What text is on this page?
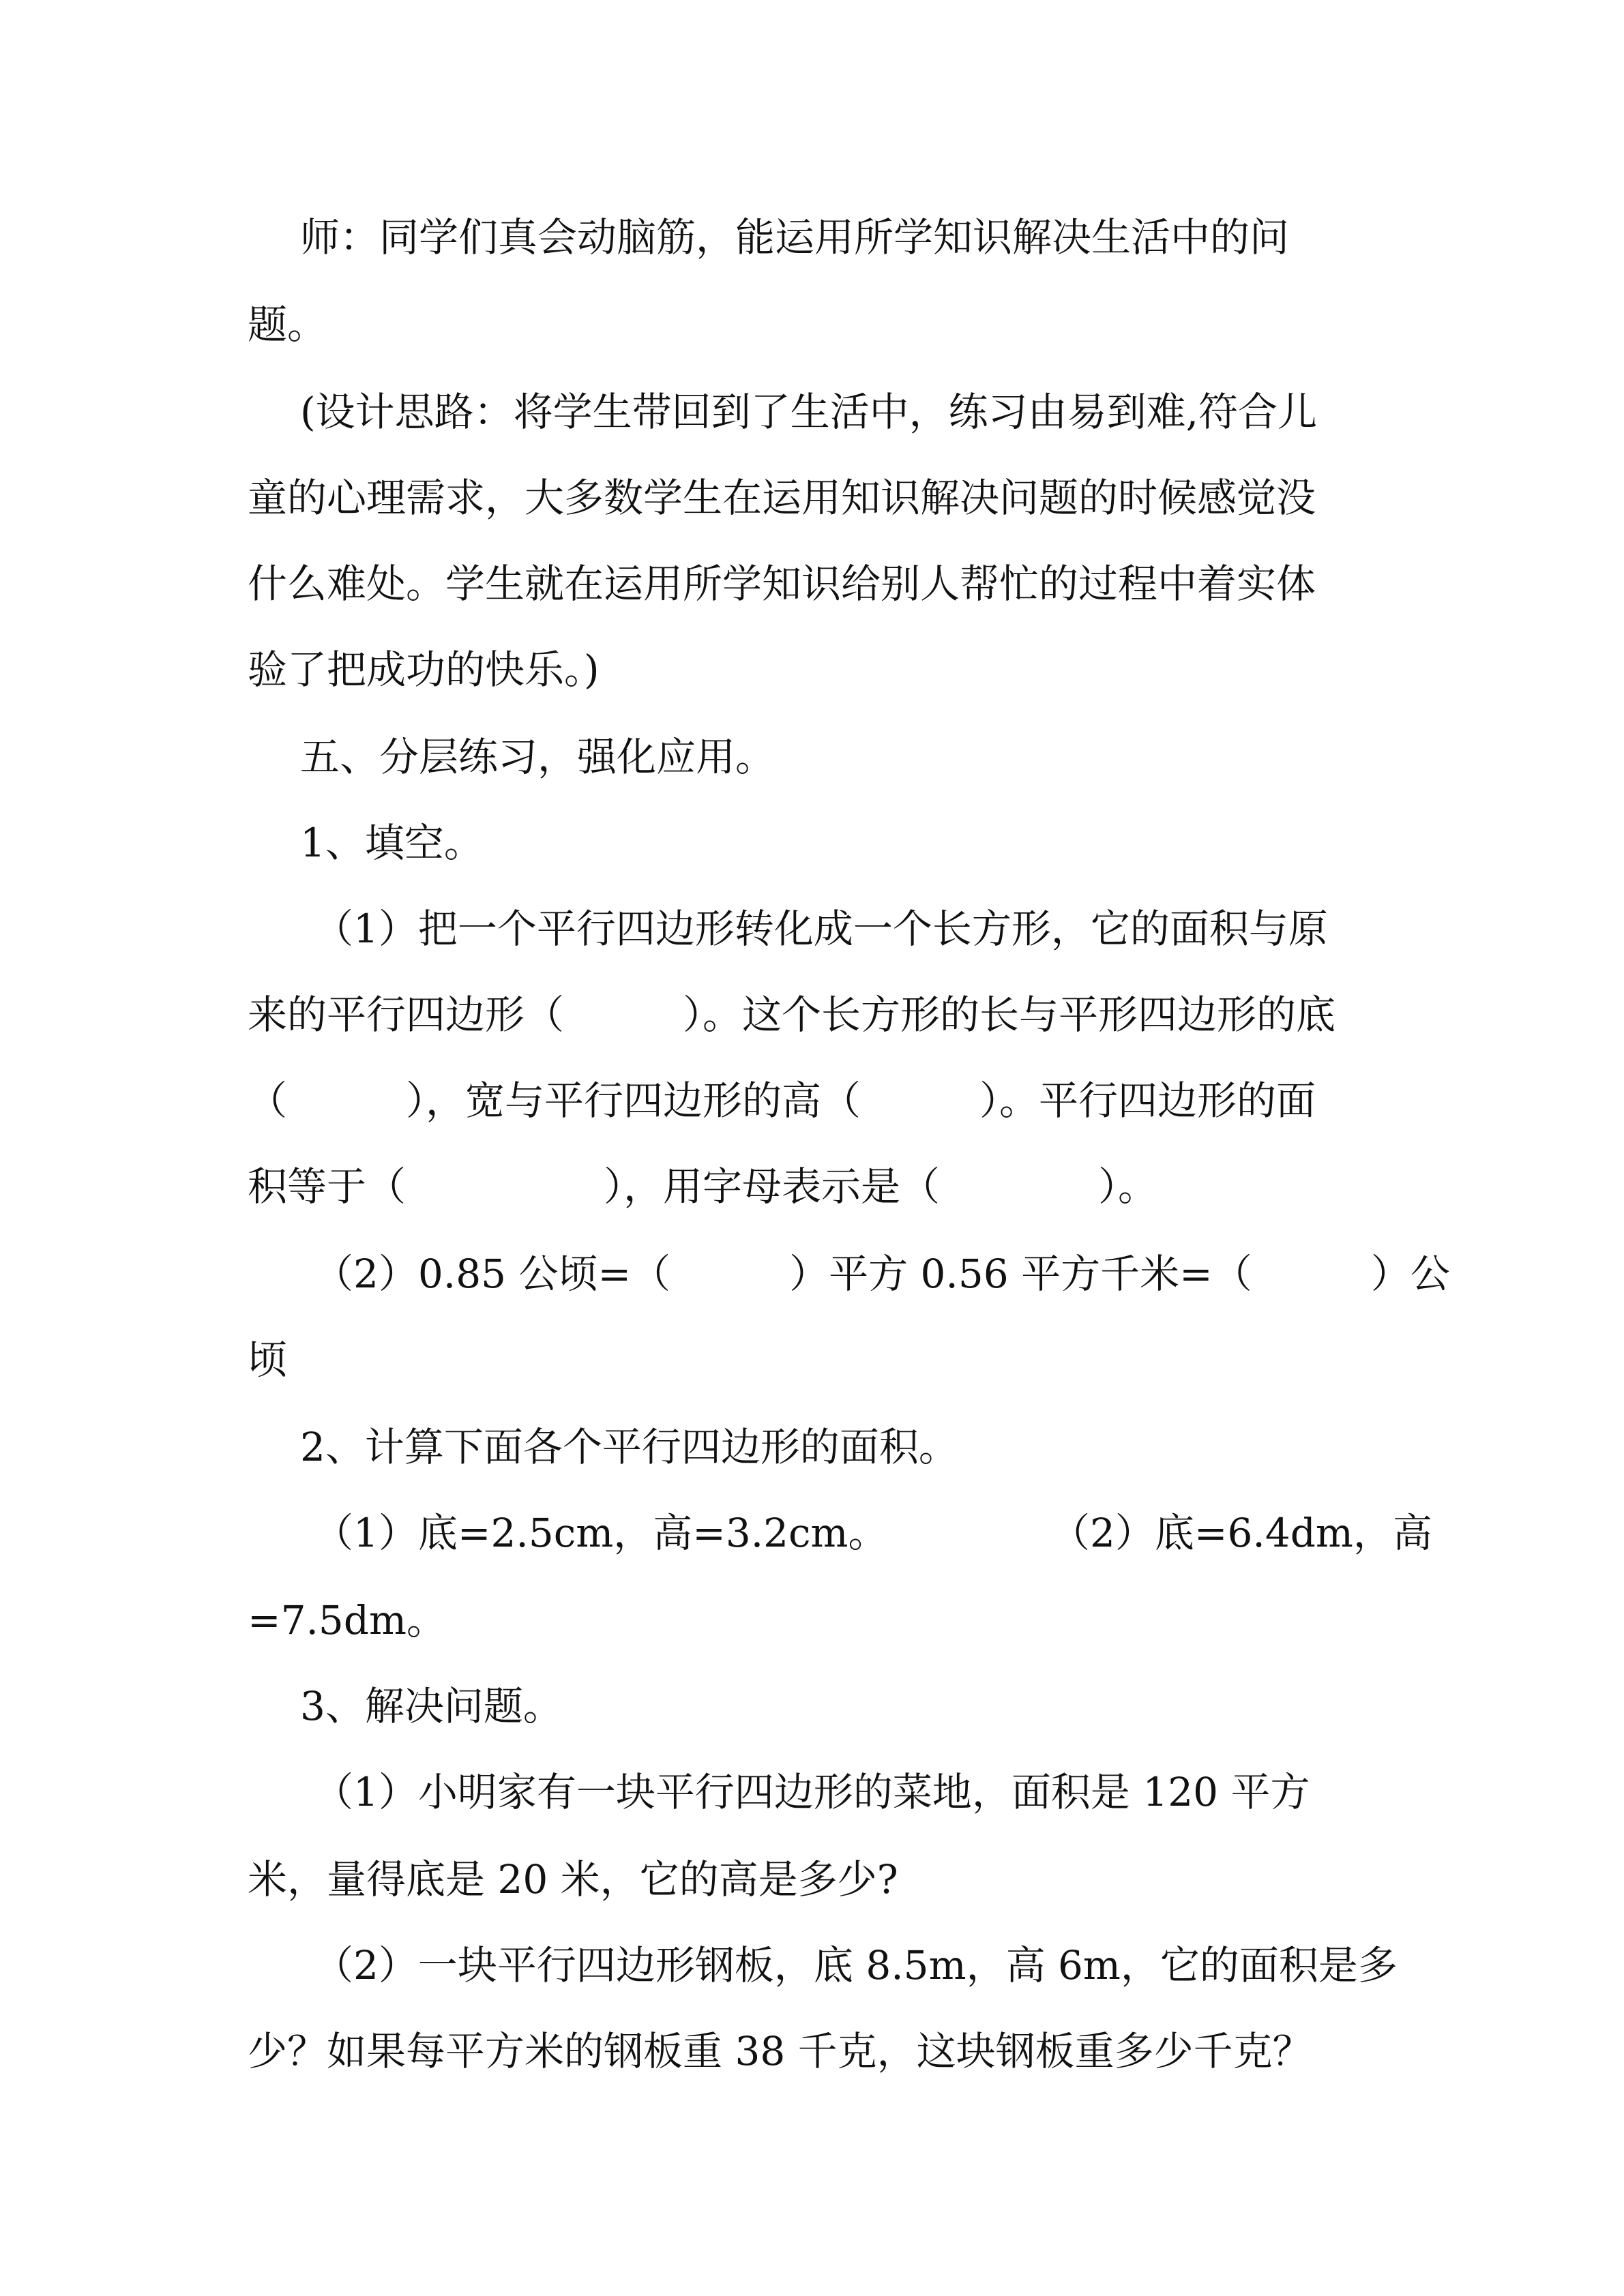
师：同学们真会动脑筋，能运用所学知识解决生活中的问
题。
(设计思路：将学生带回到了生活中，练习由易到难,符合儿
童的心理需求，大多数学生在运用知识解决问题的时候感觉没
什么难处。学生就在运用所学知识给别人帮忙的过程中着实体
验了把成功的快乐。)
五、分层练习，强化应用。
1、填空。
（1）把一个平行四边形转化成一个长方形，它的面积与原
来的平行四边形（　　　）。这个长方形的长与平形四边形的底
（　　　），宽与平行四边形的高（　　　）。平行四边形的面
积等于（　　　　　），用字母表示是（　　　　）。
（2）0.85 公顷=（　　　）平方 0.56 平方千米=（　　　）公
顷
2、计算下面各个平行四边形的面积。
（1）底=2.5cm，高=3.2cm。	（2）底=6.4dm，高
=7.5dm。
3、解决问题。
（1）小明家有一块平行四边形的菜地，面积是 120 平方
米，量得底是 20 米，它的高是多少?
（2）一块平行四边形钢板，底 8.5m，高 6m，它的面积是多
少？如果每平方米的钢板重 38 千克，这块钢板重多少千克？
